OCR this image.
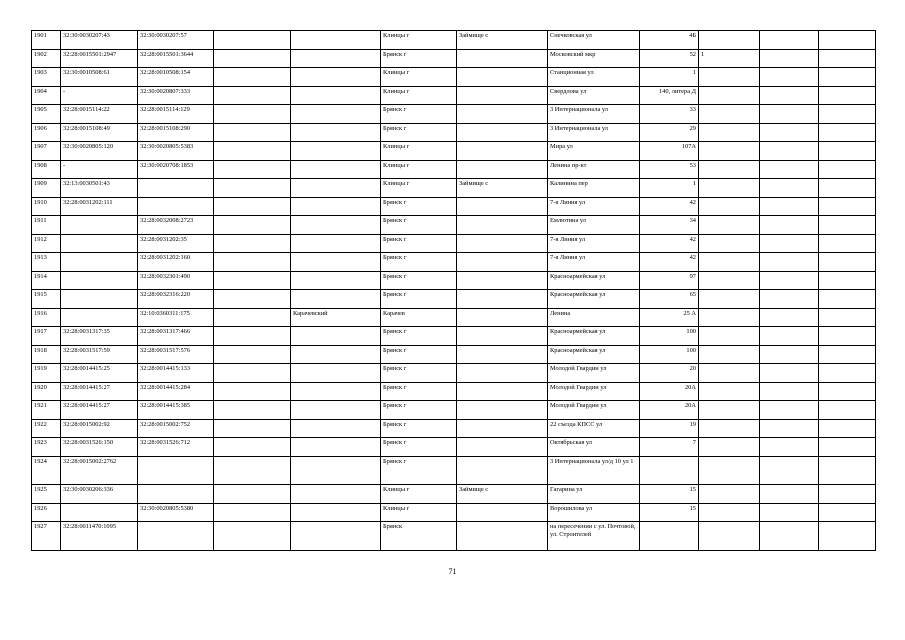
1901	32:30:0030207:43	32:30:0030207:57			Клинцы г	Займище с	Снечковская ул	4Б			
1902	32:28:0015501:2947	32:28:0015501:3644			Брянск г		Московский мкр	52	1		
1903	32:30:0010508:61	32:28:0010508:154			Клинцы г		Станционная ул	1			
1904	-	32:30:0020807:333			Клинцы г		Свердлова ул	140, литера Д			
1905	32:28:0015114:22	32:28:0015114:129			Брянск г		3 Интернационала ул	33			
1906	32:28:0015108:49	32:28:0015108:290			Брянск г		3 Интернационала ул	29			
1907	32:30:0020805:120	32:30:0020805:5383			Клинцы г		Мира ул	107А			
1908	-	32:30:0020708:1853			Клинцы г		Ленина пр-кт	53			
1909	32:13:0030501:43				Клинцы г	Займище с	Калинина пер	1			
1910	32:28:0031202:111				Брянск г		7-я Линия ул	42			
1911		32:28:0032008:2723			Брянск г		Емлютина ул	34			
1912		32:28:0031202:35			Брянск г		7-я Линия ул	42			
1913		32:28:0031202:160			Брянск г		7-я Линия ул	42			
1914		32:28:0032301:490			Брянск г		Красноармейская ул	97			
1915		32:28:0032316:220			Брянск г		Красноармейская ул	65			
1916		32:10:0360311:175		Карачевский	Карачев		Ленина	25 А			
1917	32:28:0031317:35	32:28:0031317:466			Брянск г		Красноармейская ул	100			
1918	32:28:0031517:59	32:28:0031517:576			Брянск г		Красноармейская ул	100			
1919	32:28:0014415:25	32:28:0014415:133			Брянск г		Молодой Гвардии ул	20			
1920	32:28:0014415:27	32:28:0014415:284			Брянск г		Молодой Гвардии ул	20А			
1921	32:28:0014415:27	32:28:0014415:385			Брянск г		Молодой Гвардии ул	20А			
1922	32:28:0015002:92	32:28:0015002:752			Брянск г		22 съезда КПСС ул	19			
1923	32:28:0031526:150	32:28:0031526:712			Брянск г		Октябрьская ул	7			
1924	32:28:0015002:2762				Брянск г		3 Интернационала ул/д 10 ул 1				
1925	32:30:0030206:336				Клинцы г	Займище с	Гагарина ул	15			
1926		32:30:0020805:5380			Клинцы г		Ворошилова ул	15			
1927	32:28:0011470:1095				Брянск		на пересечении с ул. Почтовой, ул. Строителей				
71
